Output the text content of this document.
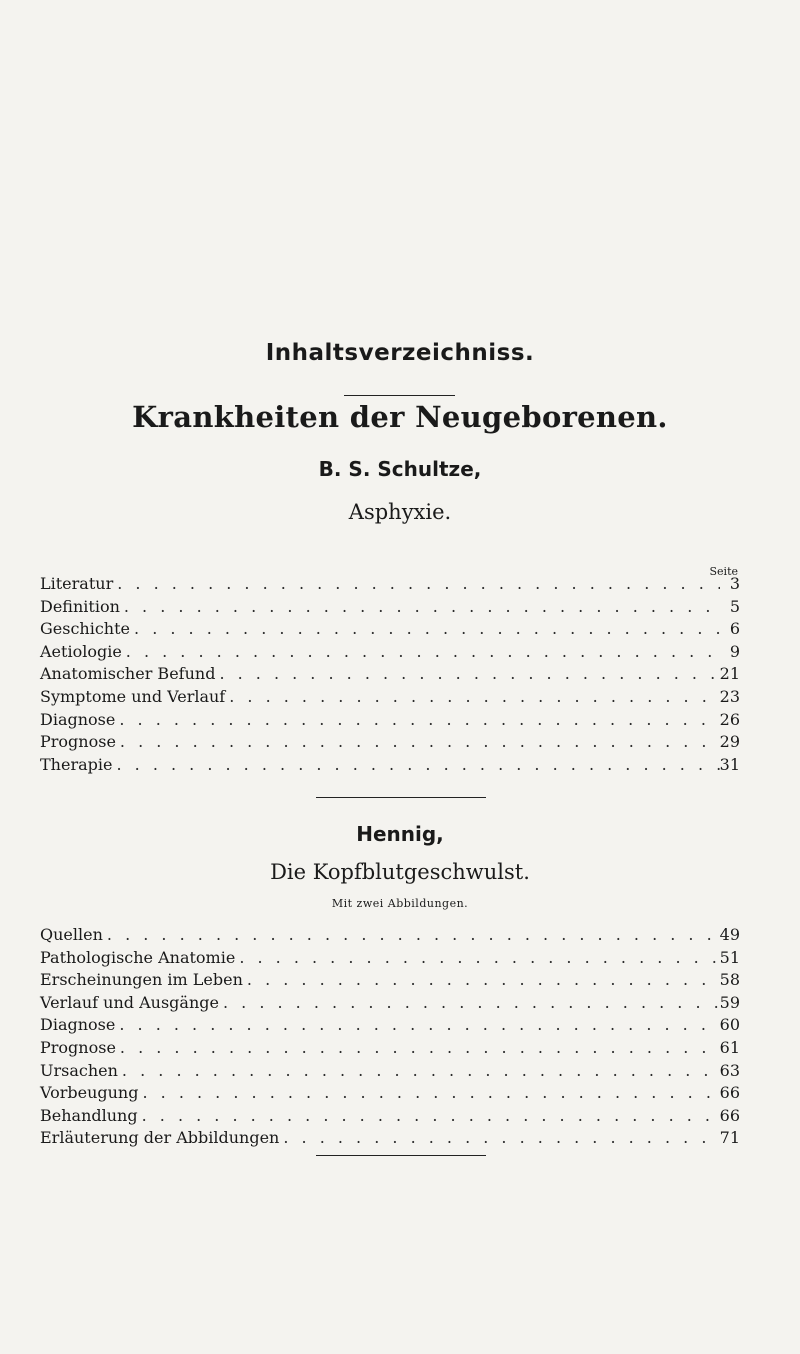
Inhaltsverzeichniss.
Krankheiten der Neugeborenen.
B. S. Schultze,
Asphyxie.
Seite
Literatur . . .	3
Definition . . .	5
Geschichte . . .	6
Aetiologie . . .	9
Anatomischer Befund . . .	21
Symptome und Verlauf . . .	23
Diagnose . . .	26
Prognose . . .	29
Therapie . . .	31
Hennig,
Die Kopfblutgeschwulst.
Mit zwei Abbildungen.
Quellen . . .	49
Pathologische Anatomie . . .	51
Erscheinungen im Leben . . .	58
Verlauf und Ausgänge . . .	59
Diagnose . . .	60
Prognose . . .	61
Ursachen . . .	63
Vorbeugung . . .	66
Behandlung . . .	66
Erläuterung der Abbildungen . . .	71
